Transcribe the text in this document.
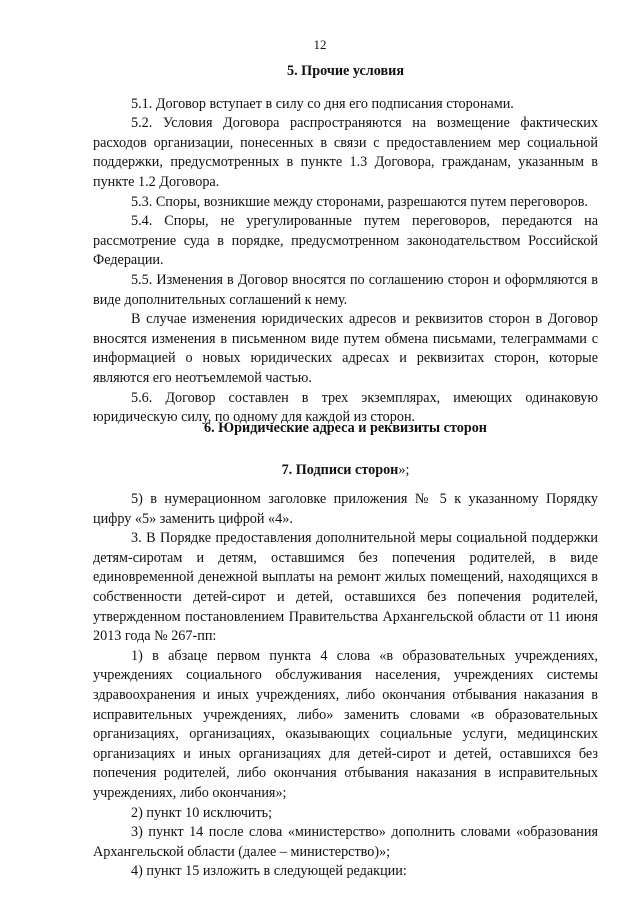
12
5. Прочие условия

5.1. Договор вступает в силу со дня его подписания сторонами.

5.2. Условия Договора распространяются на возмещение фактических расходов организации, понесенных в связи с предоставлением мер социальной поддержки, предусмотренных в пункте 1.3 Договора, гражданам, указанным в пункте 1.2 Договора.

5.3. Споры, возникшие между сторонами, разрешаются путем переговоров.

5.4. Споры, не урегулированные путем переговоров, передаются на рассмотрение суда в порядке, предусмотренном законодательством Российской Федерации.

5.5. Изменения в Договор вносятся по соглашению сторон и оформляются в виде дополнительных соглашений к нему.

В случае изменения юридических адресов и реквизитов сторон в Договор вносятся изменения в письменном виде путем обмена письмами, телеграммами с информацией о новых юридических адресах и реквизитах сторон, которые являются его неотъемлемой частью.

5.6. Договор составлен в трех экземплярах, имеющих одинаковую юридическую силу, по одному для каждой из сторон.

6. Юридические адреса и реквизиты сторон
7. Подписи сторон»;

5) в нумерационном заголовке приложения № 5 к указанному Порядку цифру «5» заменить цифрой «4».

3. В Порядке предоставления дополнительной меры социальной поддержки детям-сиротам и детям, оставшимся без попечения родителей, в виде единовременной денежной выплаты на ремонт жилых помещений, находящихся в собственности детей-сирот и детей, оставшихся без попечения родителей, утвержденном постановлением Правительства Архангельской области от 11 июня 2013 года № 267-пп:

1) в абзаце первом пункта 4 слова «в образовательных учреждениях, учреждениях социального обслуживания населения, учреждениях системы здравоохранения и иных учреждениях, либо окончания отбывания наказания в исправительных учреждениях, либо» заменить словами «в образовательных организациях, организациях, оказывающих социальные услуги, медицинских организациях и иных организациях для детей-сирот и детей, оставшихся без попечения родителей, либо окончания отбывания наказания в исправительных учреждениях, либо окончания»;

2) пункт 10 исключить;

3) пункт 14 после слова «министерство» дополнить словами «образования Архангельской области (далее – министерство)»;

4) пункт 15 изложить в следующей редакции:
